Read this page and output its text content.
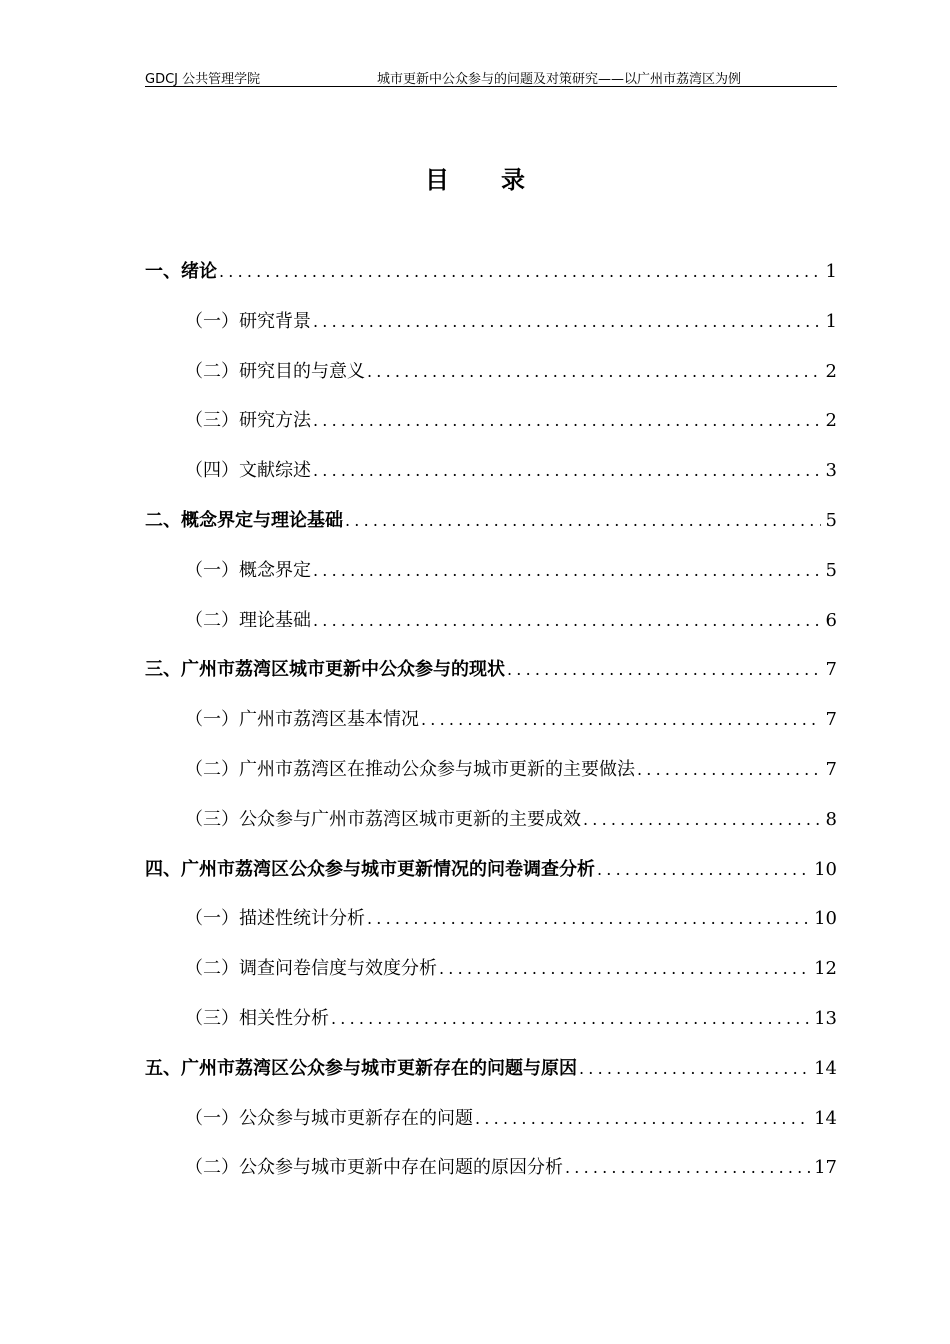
GDCJ 公共管理学院	城市更新中公众参与的问题及对策研究——以广州市荔湾区为例
目 录
一、绪论 .....	1
（一）研究背景 .....	1
（二）研究目的与意义 .....	2
（三）研究方法 .....	2
（四）文献综述 .....	3
二、概念界定与理论基础 .....	5
（一）概念界定 .....	5
（二）理论基础 .....	6
三、广州市荔湾区城市更新中公众参与的现状 .....	7
（一）广州市荔湾区基本情况 .....	7
（二）广州市荔湾区在推动公众参与城市更新的主要做法 .....	7
（三）公众参与广州市荔湾区城市更新的主要成效 .....	8
四、广州市荔湾区公众参与城市更新情况的问卷调查分析 .....	10
（一）描述性统计分析 .....	10
（二）调查问卷信度与效度分析 .....	12
（三）相关性分析 .....	13
五、广州市荔湾区公众参与城市更新存在的问题与原因 .....	14
（一）公众参与城市更新存在的问题 .....	14
（二）公众参与城市更新中存在问题的原因分析 .....	17
